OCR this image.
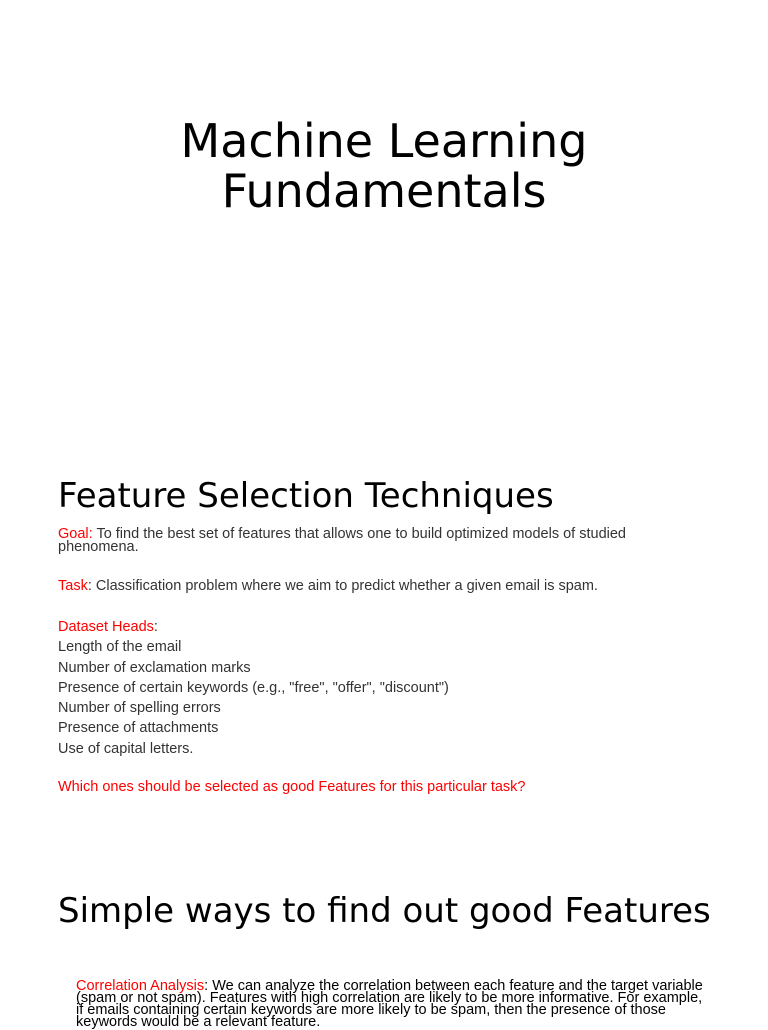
Machine Learning
Fundamentals
Feature Selection Techniques
Goal: To find the best set of features that allows one to build optimized models of studied phenomena.
Task: Classification problem where we aim to predict whether a given email is spam.
Dataset Heads:
Length of the email
Number of exclamation marks
Presence of certain keywords (e.g., "free", "offer", "discount")
Number of spelling errors
Presence of attachments
Use of capital letters.
Which ones should be selected as good Features for this particular task?
Simple ways to find out good Features
Correlation Analysis: We can analyze the correlation between each feature and the target variable (spam or not spam). Features with high correlation are likely to be more informative. For example, if emails containing certain keywords are more likely to be spam, then the presence of those keywords would be a relevant feature.
